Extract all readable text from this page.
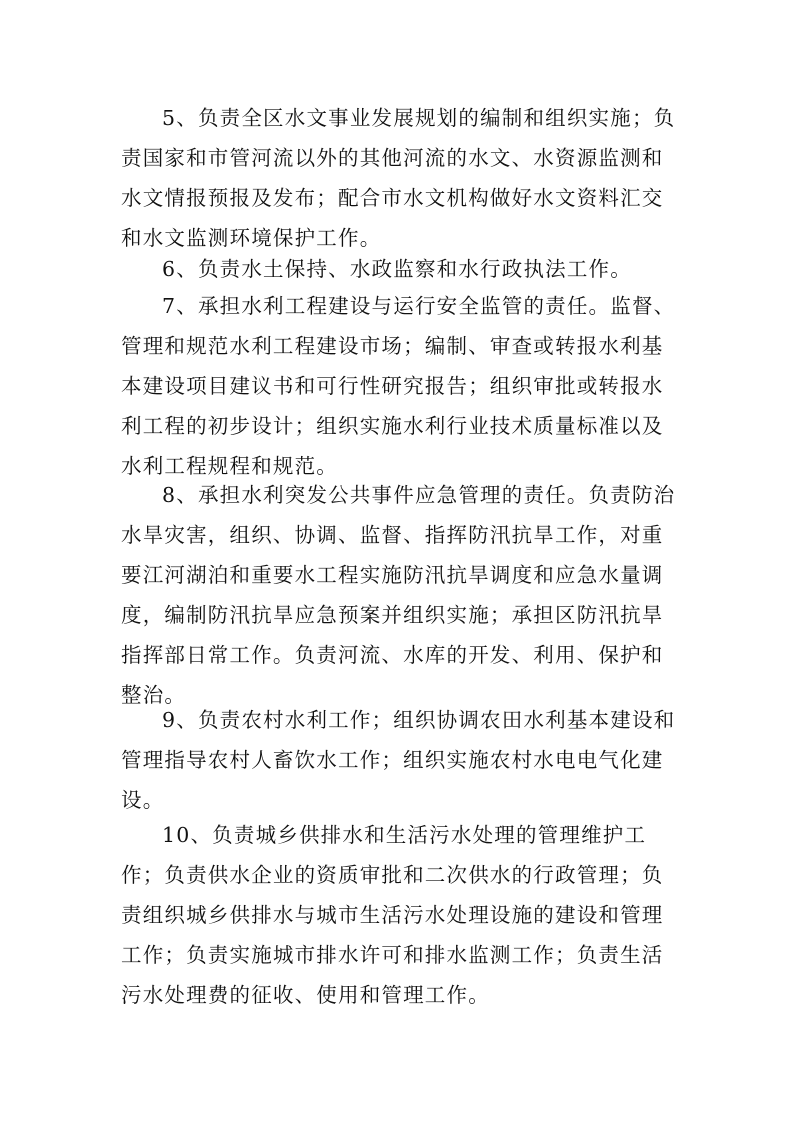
5、负责全区水文事业发展规划的编制和组织实施；负
责国家和市管河流以外的其他河流的水文、水资源监测和
水文情报预报及发布；配合市水文机构做好水文资料汇交
和水文监测环境保护工作。

6、负责水土保持、水政监察和水行政执法工作。

7、承担水利工程建设与运行安全监管的责任。监督、
管理和规范水利工程建设市场；编制、审查或转报水利基
本建设项目建议书和可行性研究报告；组织审批或转报水
利工程的初步设计；组织实施水利行业技术质量标准以及
水利工程规程和规范。

8、承担水利突发公共事件应急管理的责任。负责防治
水旱灾害，组织、协调、监督、指挥防汛抗旱工作，对重
要江河湖泊和重要水工程实施防汛抗旱调度和应急水量调
度，编制防汛抗旱应急预案并组织实施；承担区防汛抗旱
指挥部日常工作。负责河流、水库的开发、利用、保护和
整治。

9、负责农村水利工作；组织协调农田水利基本建设和
管理指导农村人畜饮水工作；组织实施农村水电电气化建
设。

10、负责城乡供排水和生活污水处理的管理维护工
作；负责供水企业的资质审批和二次供水的行政管理；负
责组织城乡供排水与城市生活污水处理设施的建设和管理
工作；负责实施城市排水许可和排水监测工作；负责生活
污水处理费的征收、使用和管理工作。
